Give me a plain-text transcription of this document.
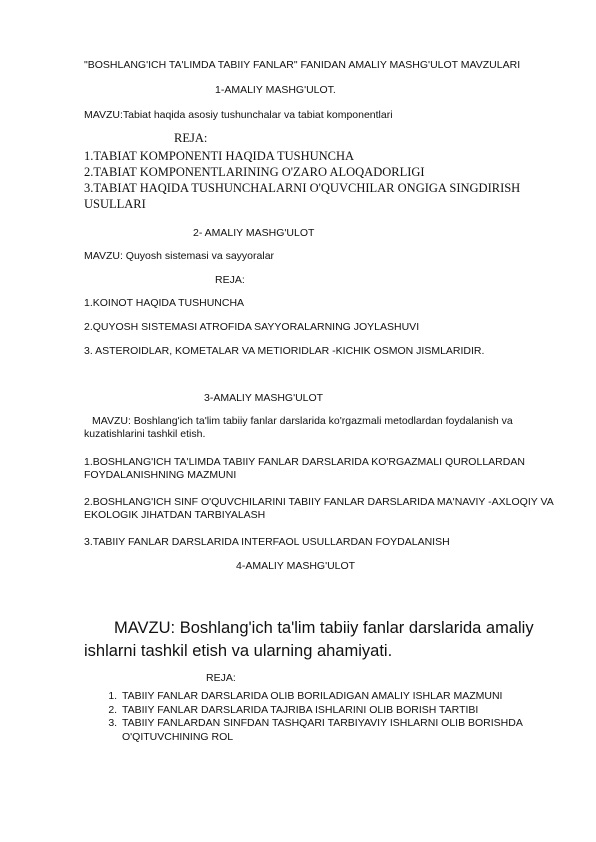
"BOSHLANG'ICH TA'LIMDA TABIIY FANLAR" FANIDAN AMALIY MASHG'ULOT MAVZULARI
1-AMALIY MASHG'ULOT.
MAVZU:Tabiat haqida asosiy tushunchalar va tabiat komponentlari
REJA:
1.TABIAT KOMPONENTI HAQIDA TUSHUNCHA
2.TABIAT KOMPONENTLARINING O'ZARO ALOQADORLIGI
3.TABIAT HAQIDA TUSHUNCHALARNI O'QUVCHILAR ONGIGA SINGDIRISH USULLARI
2- AMALIY MASHG'ULOT
MAVZU: Quyosh sistemasi va sayyoralar
REJA:
1.KOINOT HAQIDA TUSHUNCHA
2.QUYOSH SISTEMASI ATROFIDA SAYYORALARNING JOYLASHUVI
3. ASTEROIDLAR, KOMETALAR VA METIORIDLAR -KICHIK OSMON JISMLARIDIR.
3-AMALIY MASHG'ULOT
MAVZU: Boshlang'ich ta'lim tabiiy fanlar darslarida ko'rgazmali metodlardan foydalanish va kuzatishlarini tashkil etish.
1.BOSHLANG'ICH TA'LIMDA TABIIY FANLAR DARSLARIDA KO'RGAZMALI QUROLLARDAN FOYDALANISHNING MAZMUNI
2.BOSHLANG'ICH SINF O'QUVCHILARINI TABIIY FANLAR DARSLARIDA MA'NAVIY -AXLOQIY VA EKOLOGIK JIHATDAN TARBIYALASH
3.TABIIY FANLAR DARSLARIDA INTERFAOL USULLARDAN FOYDALANISH
4-AMALIY MASHG'ULOT
MAVZU: Boshlang'ich ta'lim tabiiy fanlar darslarida amaliy ishlarni tashkil etish va ularning ahamiyati.
REJA:
1. TABIIY FANLAR DARSLARIDA OLIB BORILADIGAN AMALIY ISHLAR MAZMUNI
2. TABIIY FANLAR DARSLARIDA TAJRIBA ISHLARINI OLIB BORISH TARTIBI
3. TABIIY FANLARDAN SINFDAN TASHQARI TARBIYAVIY ISHLARNI OLIB BORISHDA O'QITUVCHINING ROL
